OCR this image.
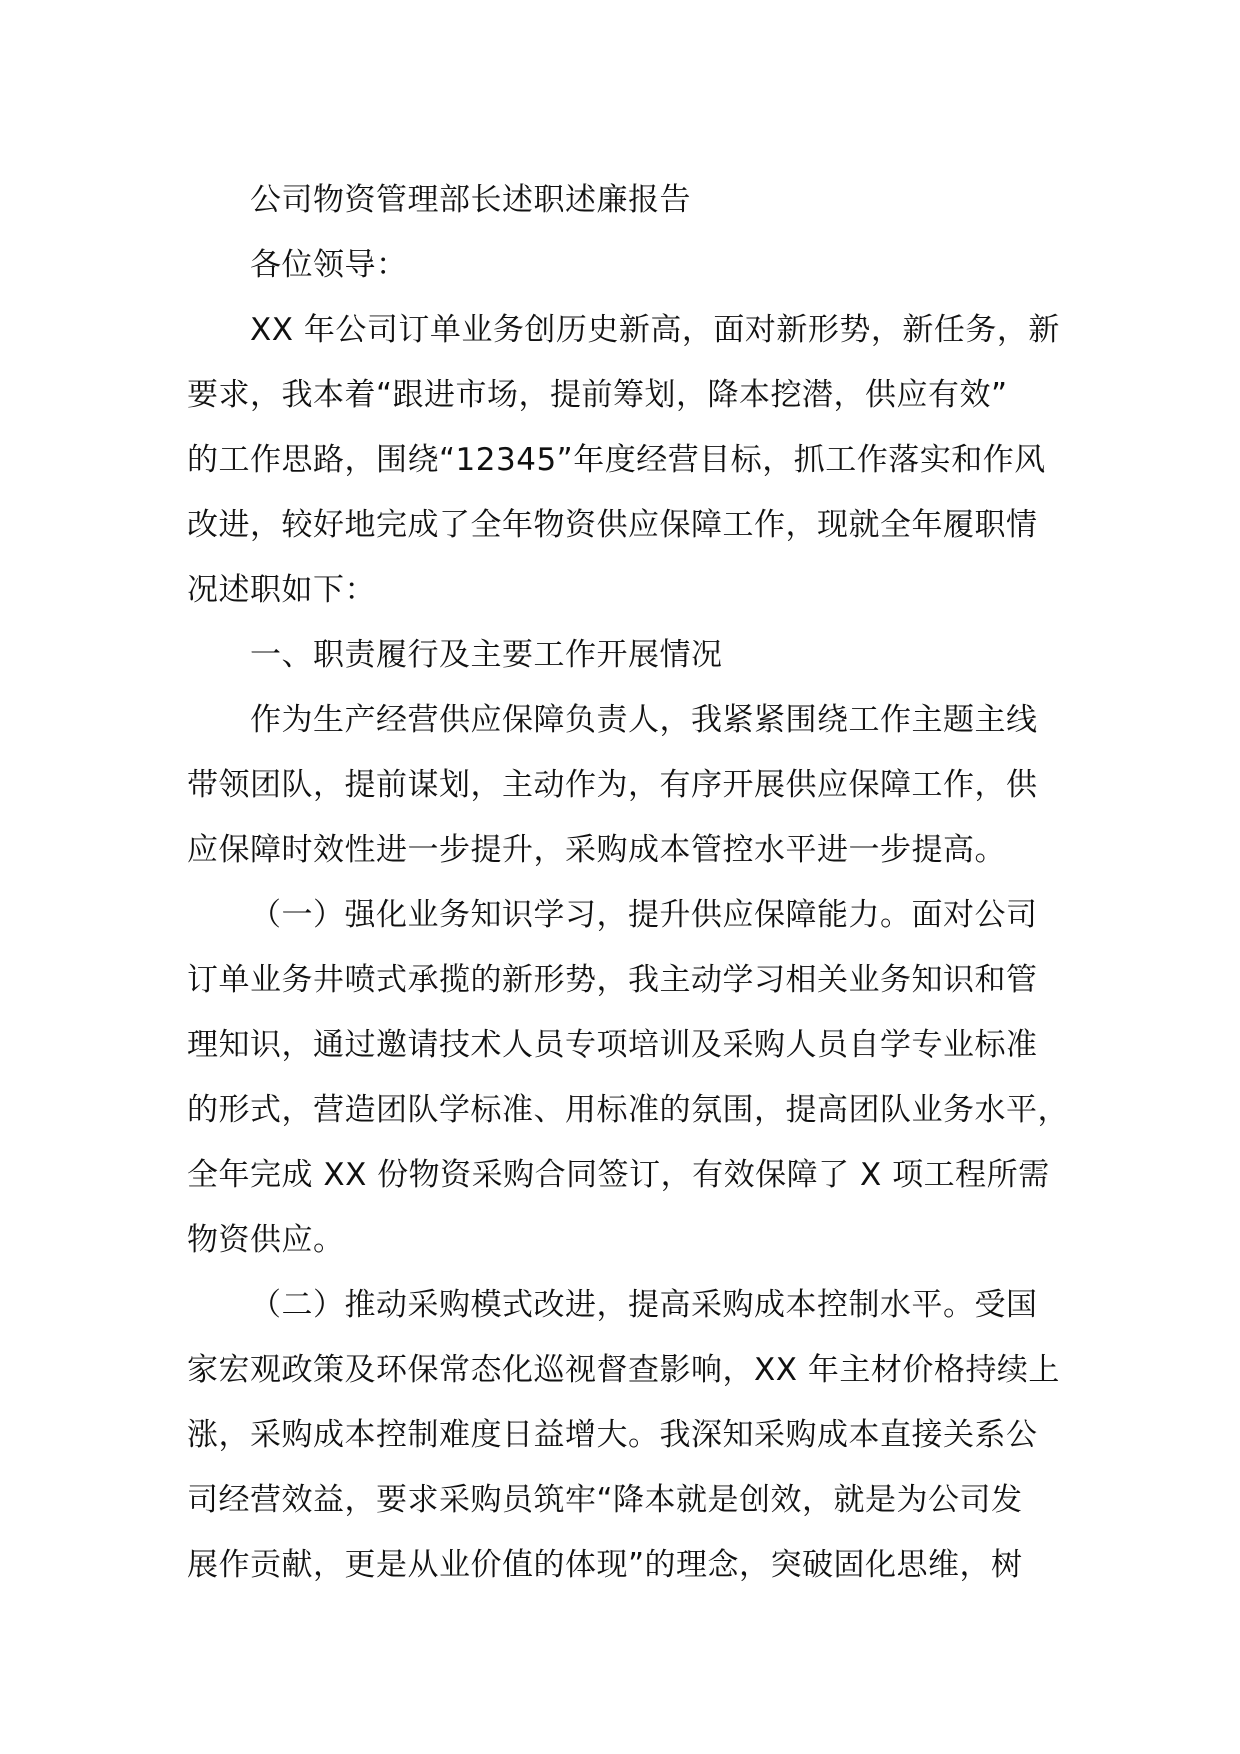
公司物资管理部长述职述廉报告
各位领导：
XX 年公司订单业务创历史新高，面对新形势，新任务，新
要求，我本着“跟进市场，提前筹划，降本挖潜，供应有效”
的工作思路，围绕“12345”年度经营目标，抓工作落实和作风
改进，较好地完成了全年物资供应保障工作，现就全年履职情
况述职如下：
一、职责履行及主要工作开展情况
作为生产经营供应保障负责人，我紧紧围绕工作主题主线
带领团队，提前谋划，主动作为，有序开展供应保障工作，供
应保障时效性进一步提升，采购成本管控水平进一步提高。
（一）强化业务知识学习，提升供应保障能力。面对公司
订单业务井喷式承揽的新形势，我主动学习相关业务知识和管
理知识，通过邀请技术人员专项培训及采购人员自学专业标准
的形式，营造团队学标准、用标准的氛围，提高团队业务水平，
全年完成 XX 份物资采购合同签订，有效保障了 X 项工程所需
物资供应。
（二）推动采购模式改进，提高采购成本控制水平。受国
家宏观政策及环保常态化巡视督查影响，XX 年主材价格持续上
涨，采购成本控制难度日益增大。我深知采购成本直接关系公
司经营效益，要求采购员筑牢“降本就是创效，就是为公司发
展作贡献，更是从业价值的体现”的理念，突破固化思维，树
